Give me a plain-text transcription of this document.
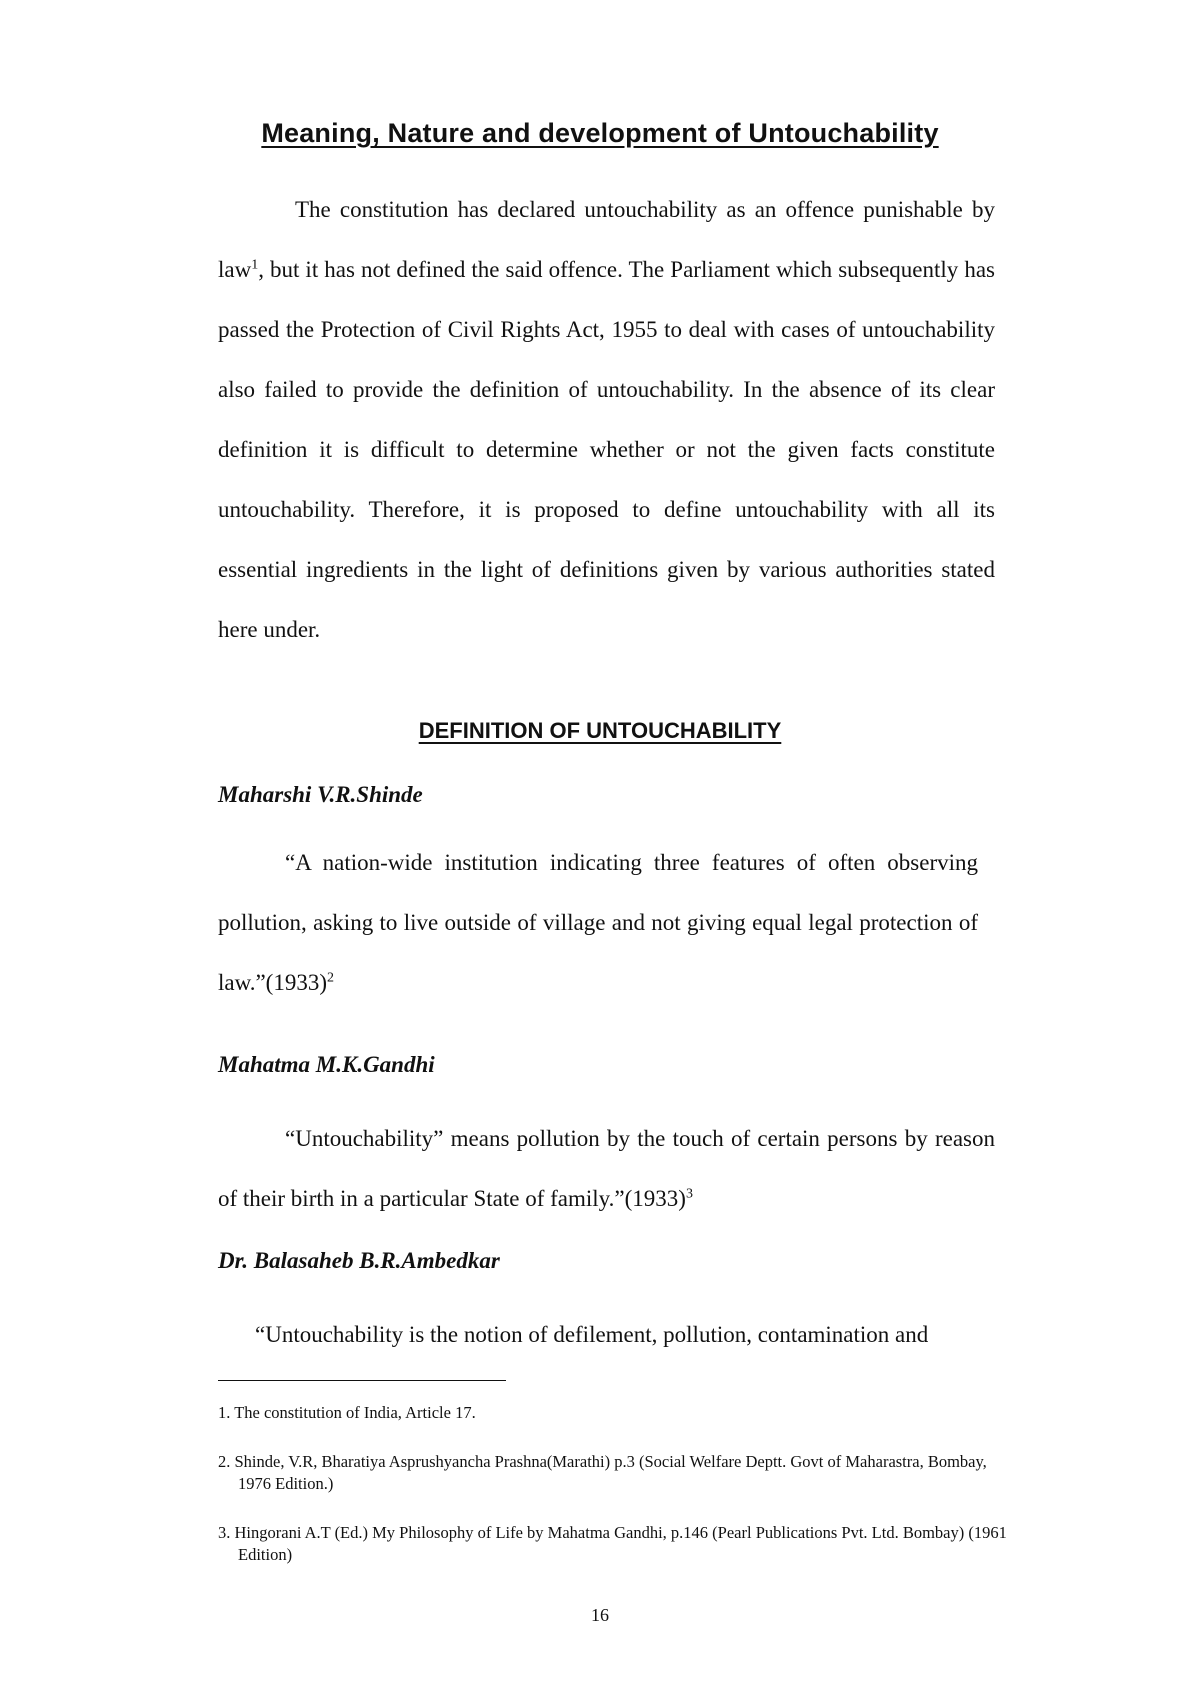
Meaning, Nature and development of Untouchability

The constitution has declared untouchability as an offence punishable by law$^1$, but it has not defined the said offence. The Parliament which subsequently has passed the Protection of Civil Rights Act, 1955 to deal with cases of untouchability also failed to provide the definition of untouchability. In the absence of its clear definition it is difficult to determine whether or not the given facts constitute untouchability. Therefore, it is proposed to define untouchability with all its essential ingredients in the light of definitions given by various authorities stated here under.

DEFINITION OF UNTOUCHABILITY

Maharshi V.R.Shinde

“A nation-wide institution indicating three features of often observing pollution, asking to live outside of village and not giving equal legal protection of $law.”(1933)^2$

Mahatma M.K.Gandhi

“Untouchability” means pollution by the touch of certain persons by reason of their birth in a particular State of $family.”(1933)^3$

Dr. Balasaheb B.R.Ambedkar

“Untouchability is the notion of defilement, pollution, contamination and

1. The constitution of India, Article 17.

2. Shinde, V.R, Bharatiya Asprushyancha Prashna(Marathi) p.3 (Social Welfare Deptt. Govt of Maharastra, Bombay, 1976 Edition.)

3. Hingorani A.T (Ed.) My Philosophy of Life by Mahatma Gandhi, p.146 (Pearl Publications Pvt. Ltd. Bombay) (1961 Edition)

16
